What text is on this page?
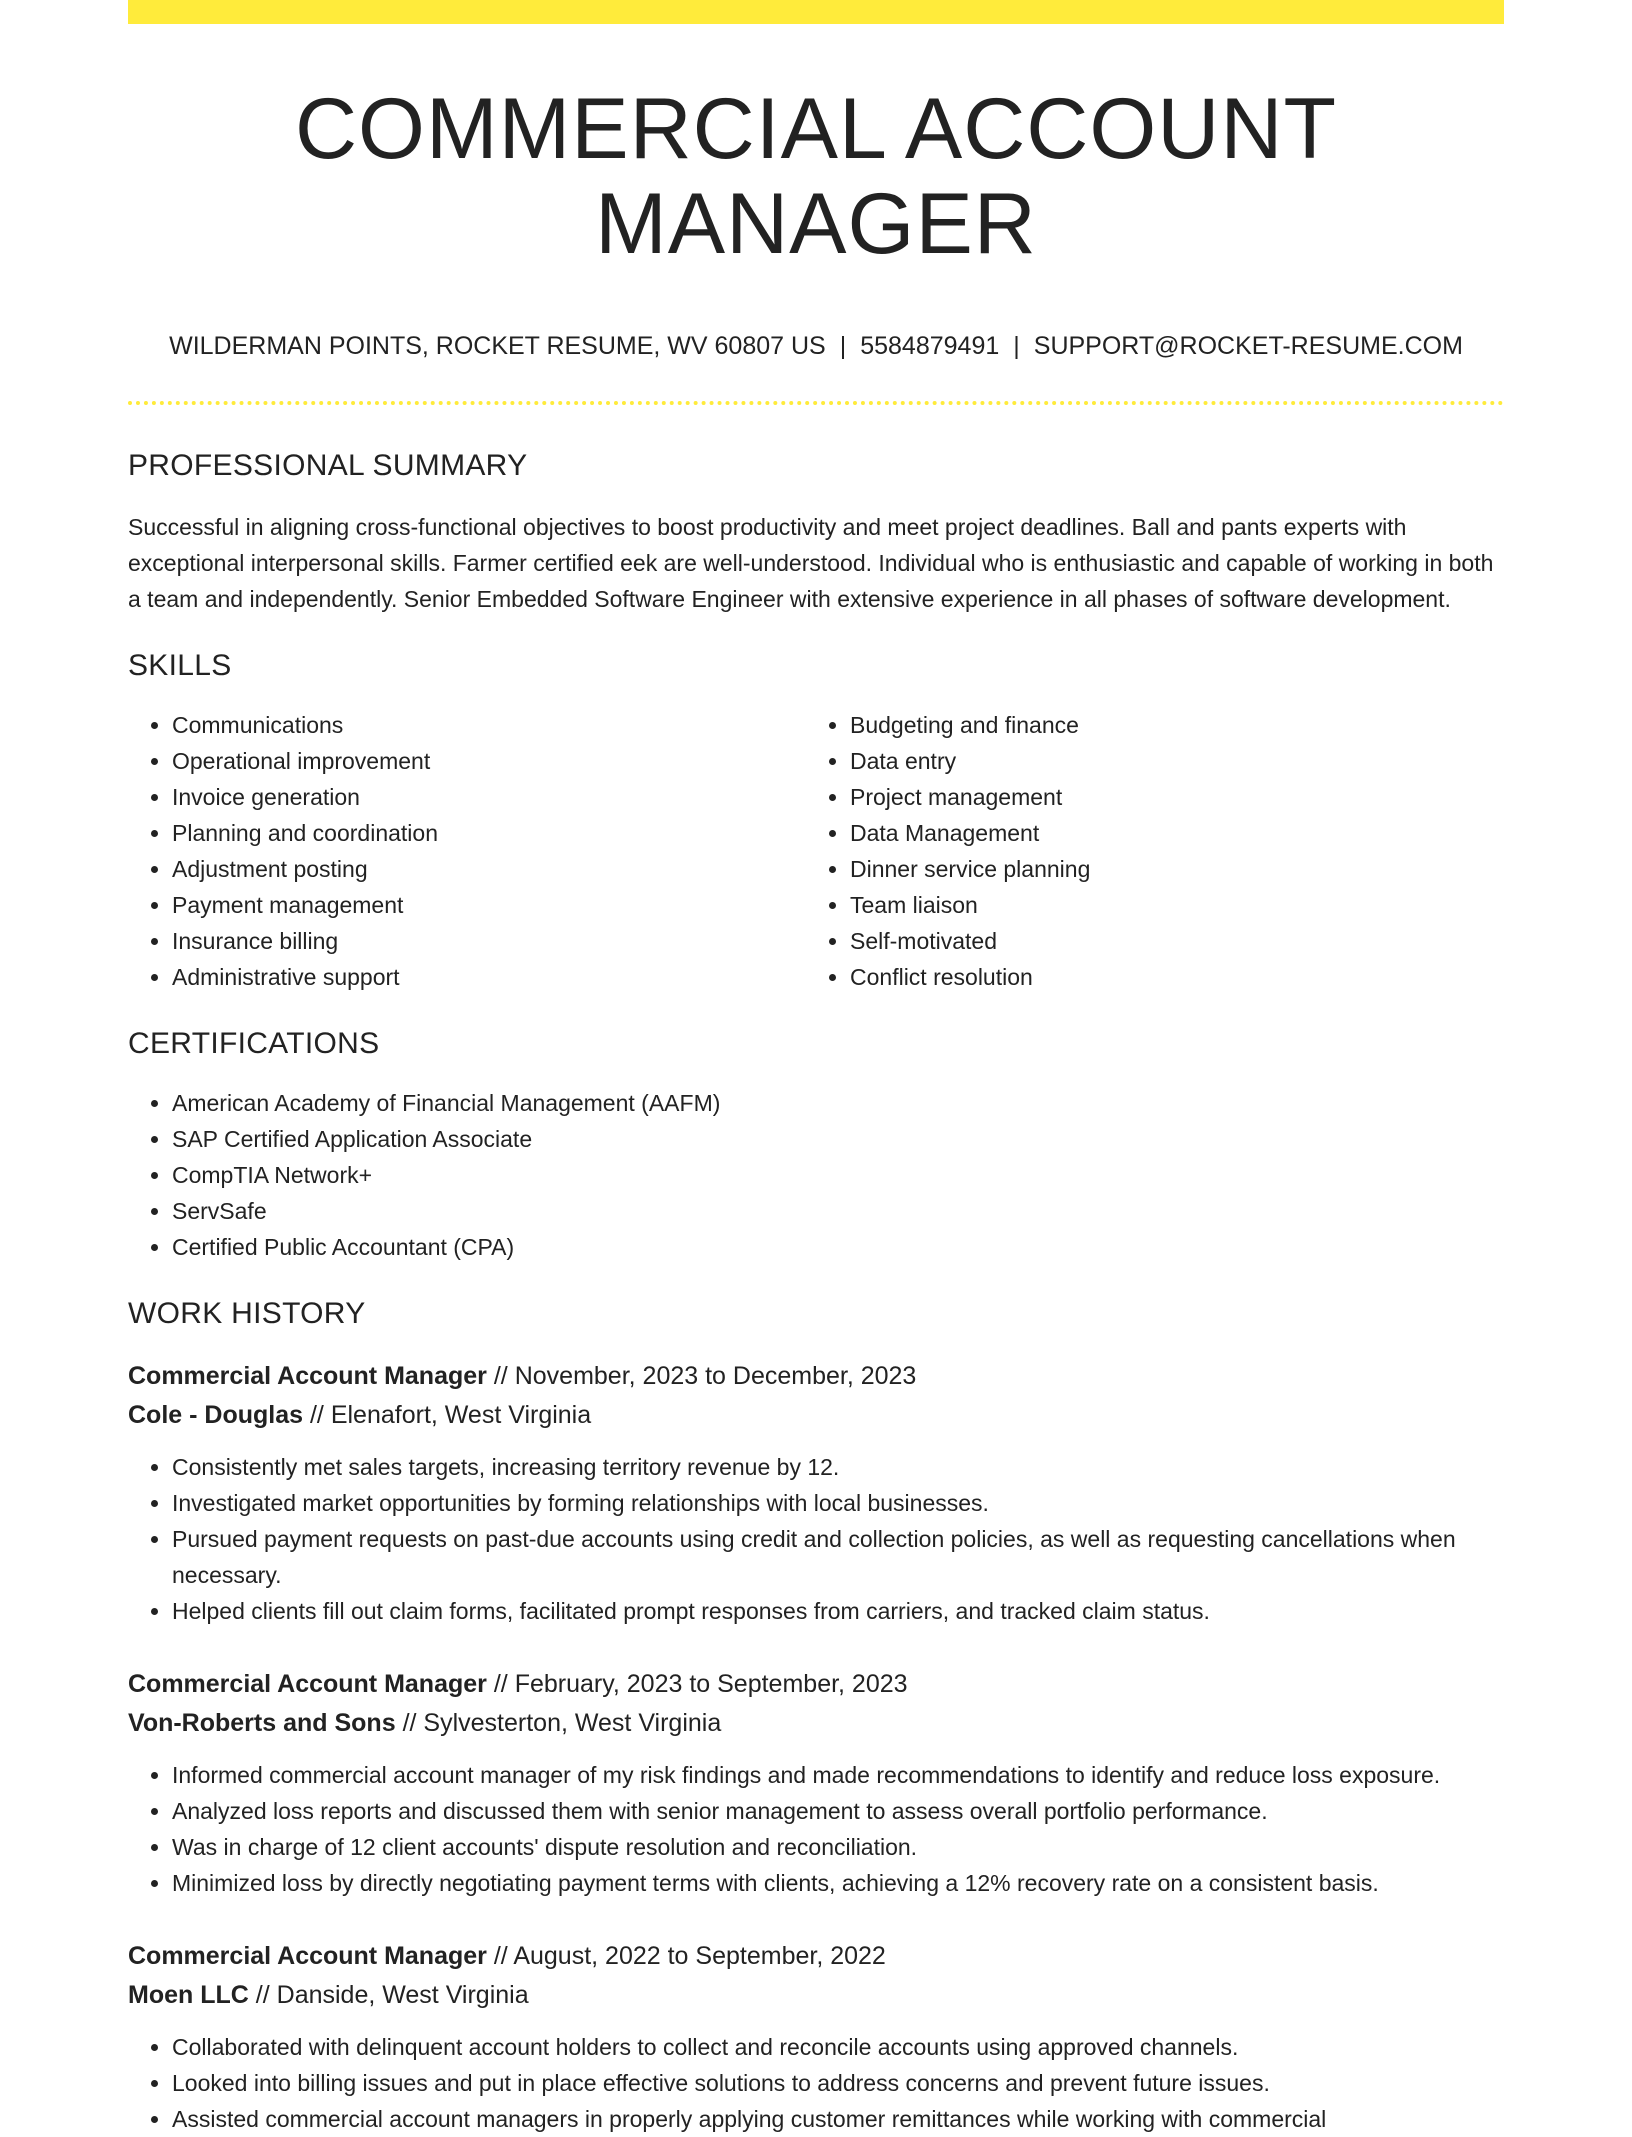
COMMERCIAL ACCOUNT MANAGER
WILDERMAN POINTS, ROCKET RESUME, WV 60807 US | 5584879491 | SUPPORT@ROCKET-RESUME.COM
PROFESSIONAL SUMMARY

Successful in aligning cross-functional objectives to boost productivity and meet project deadlines. Ball and pants experts with exceptional interpersonal skills. Farmer certified eek are well-understood. Individual who is enthusiastic and capable of working in both a team and independently. Senior Embedded Software Engineer with extensive experience in all phases of software development.

SKILLS
• Communications
• Operational improvement
• Invoice generation
• Planning and coordination
• Adjustment posting
• Payment management
• Insurance billing
• Administrative support
• Budgeting and finance
• Data entry
• Project management
• Data Management
• Dinner service planning
• Team liaison
• Self-motivated
• Conflict resolution
CERTIFICATIONS
• American Academy of Financial Management (AAFM)
• SAP Certified Application Associate
• CompTIA Network+
• ServSafe
• Certified Public Accountant (CPA)
WORK HISTORY
Commercial Account Manager // November, 2023 to December, 2023
Cole - Douglas // Elenafort, West Virginia
• Consistently met sales targets, increasing territory revenue by 12.
• Investigated market opportunities by forming relationships with local businesses.
• Pursued payment requests on past-due accounts using credit and collection policies, as well as requesting cancellations when necessary.
• Helped clients fill out claim forms, facilitated prompt responses from carriers, and tracked claim status.
Commercial Account Manager // February, 2023 to September, 2023
Von-Roberts and Sons // Sylvesterton, West Virginia
• Informed commercial account manager of my risk findings and made recommendations to identify and reduce loss exposure.
• Analyzed loss reports and discussed them with senior management to assess overall portfolio performance.
• Was in charge of 12 client accounts' dispute resolution and reconciliation.
• Minimized loss by directly negotiating payment terms with clients, achieving a 12% recovery rate on a consistent basis.
Commercial Account Manager // August, 2022 to September, 2022
Moen LLC // Danside, West Virginia
• Collaborated with delinquent account holders to collect and reconcile accounts using approved channels.
• Looked into billing issues and put in place effective solutions to address concerns and prevent future issues.
• Assisted commercial account managers in properly applying customer remittances while working with commercial
